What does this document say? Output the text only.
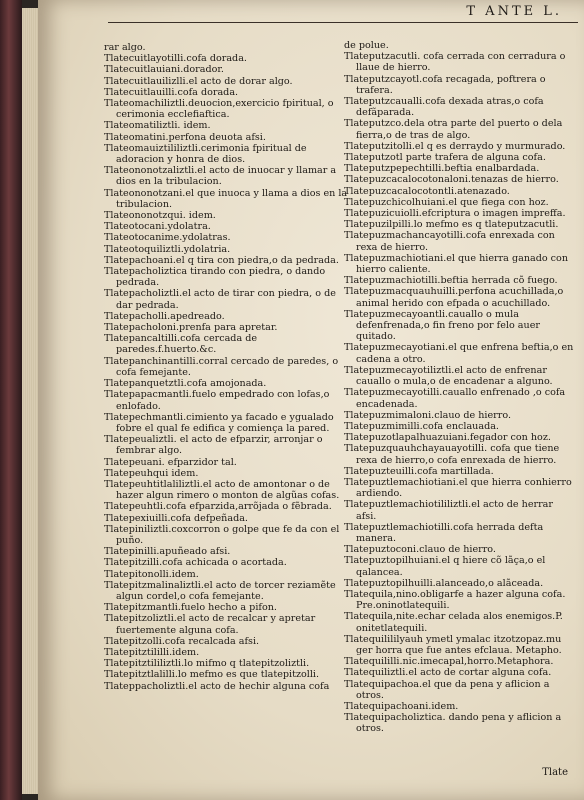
T ANTE L.

rar algo.

Tlatecuitlayotilli.cofa dorada.

Tlatecuitlauiani.dorador.

Tlatecuitlauilizlli.el acto de dorar algo.

Tlatecuitlauilli.cofa dorada.

Tlateomachiliztli.deuocion,exercicio fpiritual, o cerimonia ecclefiaftica.

Tlateomatiliztli. idem.

Tlateomatini.perfona deuota afsi.

Tlateomauiztililiztli.cerimonia fpiritual de adoracion y honra de dios.

Tlateononotzaliztli.el acto de inuocar y llamar a dios en la tribulacion.

Tlateononotzani.el que inuoca y llama a dios en la tribulacion.

Tlateononotzqui. idem.

Tlateotocani.ydolatra.

Tlateotocanime.ydolatras.

Tlateotoquiliztli.ydolatria.

Tlatepachoani.el q tira con piedra,o da pedrada.

Tlatepacholiztica tirando con piedra, o dando pedrada.

Tlatepacholiztli.el acto de tirar con piedra, o de dar pedrada.

Tlatepacholli.apedreado.

Tlatepacholoni.prenfa para apretar.

Tlatepancaltilli.cofa cercada de paredes.f.huerto.&c.

Tlatepanchinantilli.corral cercado de paredes, o cofa femejante.

Tlatepanquetztli.cofa amojonada.

Tlatepapacmantli.fuelo empedrado con lofas,o enlofado.

Tlatepechmantli.cimiento ya facado e ygualado fobre el qual fe edifica y comiença la pared.

Tlatepeualiztli. el acto de efparzir, arronjar o fembrar algo.

Tlatepeuani. efparzidor tal.

Tlatepeuhqui idem.

Tlatepeuhtitlaliliztli.el acto de amontonar o de hazer algun rimero o monton de algũas cofas.

Tlatepeuhtli.cofa efparzida,arrõjada o fẽbrada.

Tlatepexiuilli.cofa defpeñada.

Tlatepiniliztli.coxcorron o golpe que fe da con el puño.

Tlatepinilli.apuñeado afsi.

Tlatepitzilli.cofa achicada o acortada.

Tlatepitonolli.idem.

Tlatepitzmalinaliztli.el acto de torcer reziamẽte algun cordel,o cofa femejante.

Tlatepitzmantli.fuelo hecho a pifon.

Tlatepitzoliztli.el acto de recalcar y apretar fuertemente alguna cofa.

Tlatepitzolli.cofa recalcada afsi.

Tlatepitztililli.idem.

Tlatepitztililiztli.lo mifmo q tlatepitzoliztli.

Tlatepitztlalilli.lo mefmo es que tlatepitzolli.

Tlateppacholiztli.el acto de hechir alguna cofa

de polue.

Tlateputzacutli. cofa cerrada con cerradura o llaue de hierro.

Tlateputzcayotl.cofa recagada, poftrera o trafera.

Tlateputzcaualli.cofa dexada atras,o cofa defãparada.

Tlateputzco.dela otra parte del puerto o dela fierra,o de tras de algo.

Tlateputzitolli.el q es derraydo y murmurado.

Tlateputzotl parte trafera de alguna cofa.

Tlateputzpepechtilli.beftia enalbardada.

Tlatepuzcacalocotonaloni.tenazas de hierro.

Tlatepuzcacalocotontli.atenazado.

Tlatepuzchicolhuiani.el que fiega con hoz.

Tlatepuzicuiolli.efcriptura o imagen impreffa.

Tlatepuzilpilli.lo mefmo es q tlateputzacutli.

Tlatepuzmachancayotilli.cofa enrexada con rexa de hierro.

Tlatepuzmachiotiani.el que hierra ganado con hierro caliente.

Tlatepuzmachiotilli.beftia herrada cõ fuego.

Tlatepuzmacquauhuilli.perfona acuchillada,o animal herido con efpada o acuchillado.

Tlatepuzmecayoantli.cauallo o mula defenfrenada,o fin freno por felo auer quitado.

Tlatepuzmecayotiani.el que enfrena beftia,o en cadena a otro.

Tlatepuzmecayotiliztli.el acto de enfrenar cauallo o mula,o de encadenar a alguno.

Tlatepuzmecayotilli.cauallo enfrenado ,o cofa encadenada.

Tlatepuzmimaloni.clauo de hierro.

Tlatepuzmimilli.cofa enclauada.

Tlatepuzotlapalhuazuiani.fegador con hoz.

Tlatepuzquauhchayauayotilli. cofa que tiene rexa de hierro,o cofa enrexada de hierro.

Tlatepuzteuilli.cofa martillada.

Tlatepuztlemachiotiani.el que hierra conhierro ardiendo.

Tlatepuztlemachiotililiztli.el acto de herrar afsi.

Tlatepuztlemachiotilli.cofa herrada defta manera.

Tlatepuztoconi.clauo de hierro.

Tlatepuztopilhuiani.el q hiere cõ lãça,o el qalancea.

Tlatepuztopilhuilli.alanceado,o alãceada.

Tlatequila,nino.obligarfe a hazer alguna cofa. Pre.oninotlatequili.

Tlatequila,nite.echar celada alos enemigos.P. onitetlatequili.

Tlatequilililyauh ymetl ymalac itzotzopaz.mu ger horra que fue antes efclaua. Metapho.

Tlatequililli.nic.imecapal,horro.Metaphora.

Tlatequiliztli.el acto de cortar alguna cofa.

Tlatequipachoa.el que da pena y aflicion a otros.

Tlatequipachoani.idem.

Tlatequipacholiztica. dando pena y aflicion a otros.

Tlate
